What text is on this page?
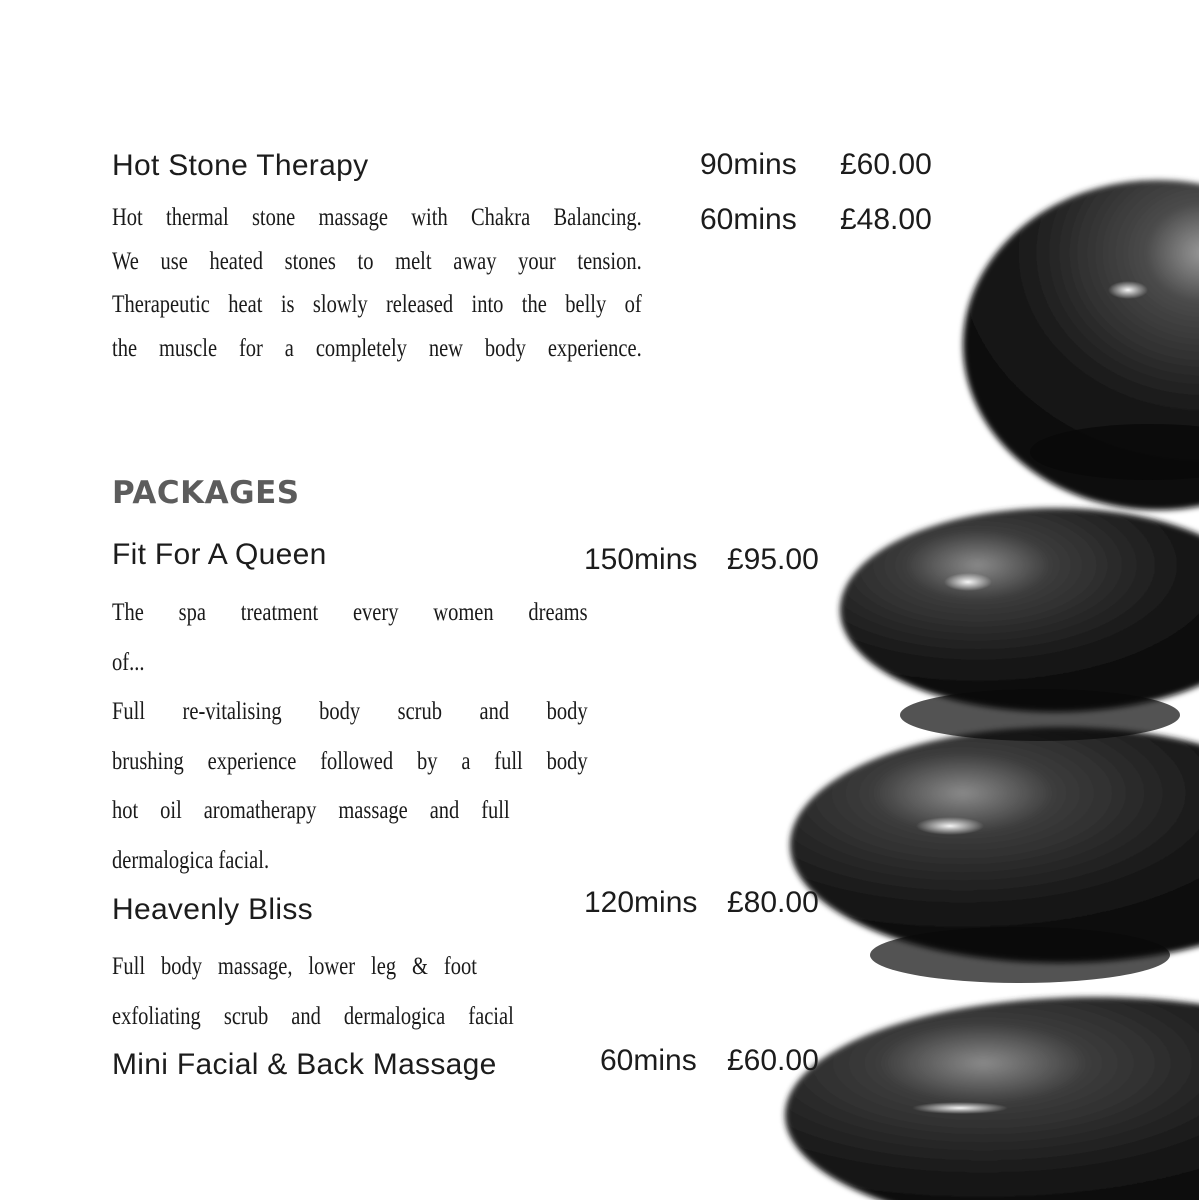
Hot Stone Therapy	90mins £60.00
60mins £48.00
Hot thermal stone massage with Chakra Balancing.
We use heated stones to melt away your tension.
Therapeutic heat is slowly released into the belly of
the muscle for a completely new body experience.
PACKAGES
Fit For A Queen	150mins £95.00
The spa treatment every women dreams
of...
Full re-vitalising body scrub and body
brushing experience followed by a full body
hot oil aromatherapy massage and full
dermalogica facial.
Heavenly Bliss	120mins £80.00
Full body massage, lower leg & foot
exfoliating scrub and dermalogica facial
Mini Facial & Back Massage	60mins £60.00
